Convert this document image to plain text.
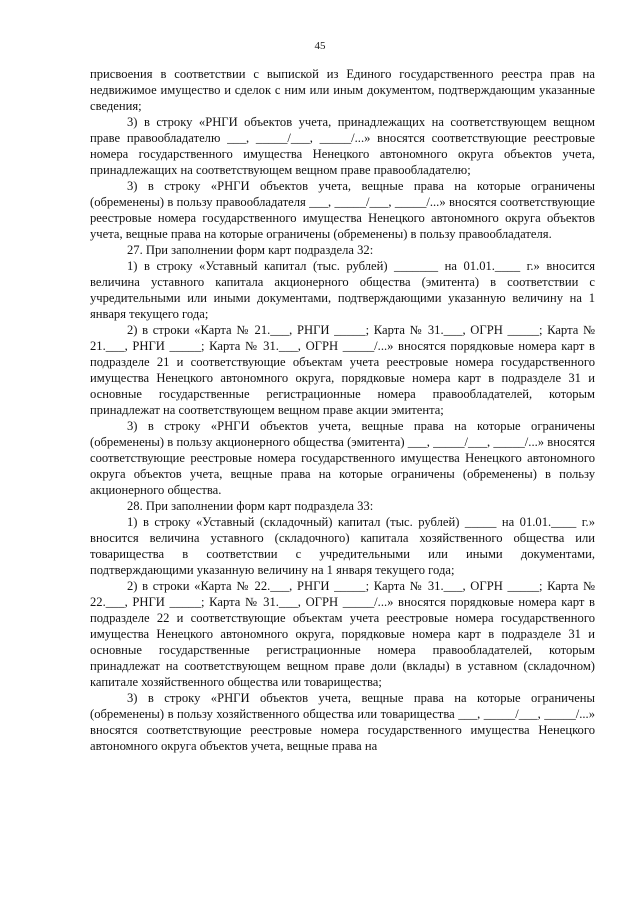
45

присвоения в соответствии с выпиской из Единого государственного реестра прав на недвижимое имущество и сделок с ним или иным документом, подтверждающим указанные сведения;

3) в строку «РНГИ объектов учета, принадлежащих на соответствующем вещном праве правообладателю ___, _____/___, _____/...» вносятся соответствующие реестровые номера государственного имущества Ненецкого автономного округа объектов учета, принадлежащих на соответствующем вещном праве правообладателю;

3) в строку «РНГИ объектов учета, вещные права на которые ограничены (обременены) в пользу правообладателя ___, _____/___, _____/...» вносятся соответствующие реестровые номера государственного имущества Ненецкого автономного округа объектов учета, вещные права на которые ограничены (обременены) в пользу правообладателя.

27. При заполнении форм карт подраздела 32:

1) в строку «Уставный капитал (тыс. рублей) _______ на 01.01.____ г.» вносится величина уставного капитала акционерного общества (эмитента) в соответствии с учредительными или иными документами, подтверждающими указанную величину на 1 января текущего года;

2) в строки «Карта № 21.___, РНГИ _____; Карта № 31.___, ОГРН _____; Карта № 21.___, РНГИ _____; Карта № 31.___, ОГРН _____/...» вносятся порядковые номера карт в подразделе 21 и соответствующие объектам учета реестровые номера государственного имущества Ненецкого автономного округа, порядковые номера карт в подразделе 31 и основные государственные регистрационные номера правообладателей, которым принадлежат на соответствующем вещном праве акции эмитента;

3) в строку «РНГИ объектов учета, вещные права на которые ограничены (обременены) в пользу акционерного общества (эмитента) ___, _____/___, _____/...» вносятся соответствующие реестровые номера государственного имущества Ненецкого автономного округа объектов учета, вещные права на которые ограничены (обременены) в пользу акционерного общества.

28. При заполнении форм карт подраздела 33:

1) в строку «Уставный (складочный) капитал (тыс. рублей) _____ на 01.01.____ г.» вносится величина уставного (складочного) капитала хозяйственного общества или товарищества в соответствии с учредительными или иными документами, подтверждающими указанную величину на 1 января текущего года;

2) в строки «Карта № 22.___, РНГИ _____; Карта № 31.___, ОГРН _____; Карта № 22.___, РНГИ _____; Карта № 31.___, ОГРН _____/...» вносятся порядковые номера карт в подразделе 22 и соответствующие объектам учета реестровые номера государственного имущества Ненецкого автономного округа, порядковые номера карт в подразделе 31 и основные государственные регистрационные номера правообладателей, которым принадлежат на соответствующем вещном праве доли (вклады) в уставном (складочном) капитале хозяйственного общества или товарищества;

3) в строку «РНГИ объектов учета, вещные права на которые ограничены (обременены) в пользу хозяйственного общества или товарищества ___, _____/___, _____/...» вносятся соответствующие реестровые номера государственного имущества Ненецкого автономного округа объектов учета, вещные права на
